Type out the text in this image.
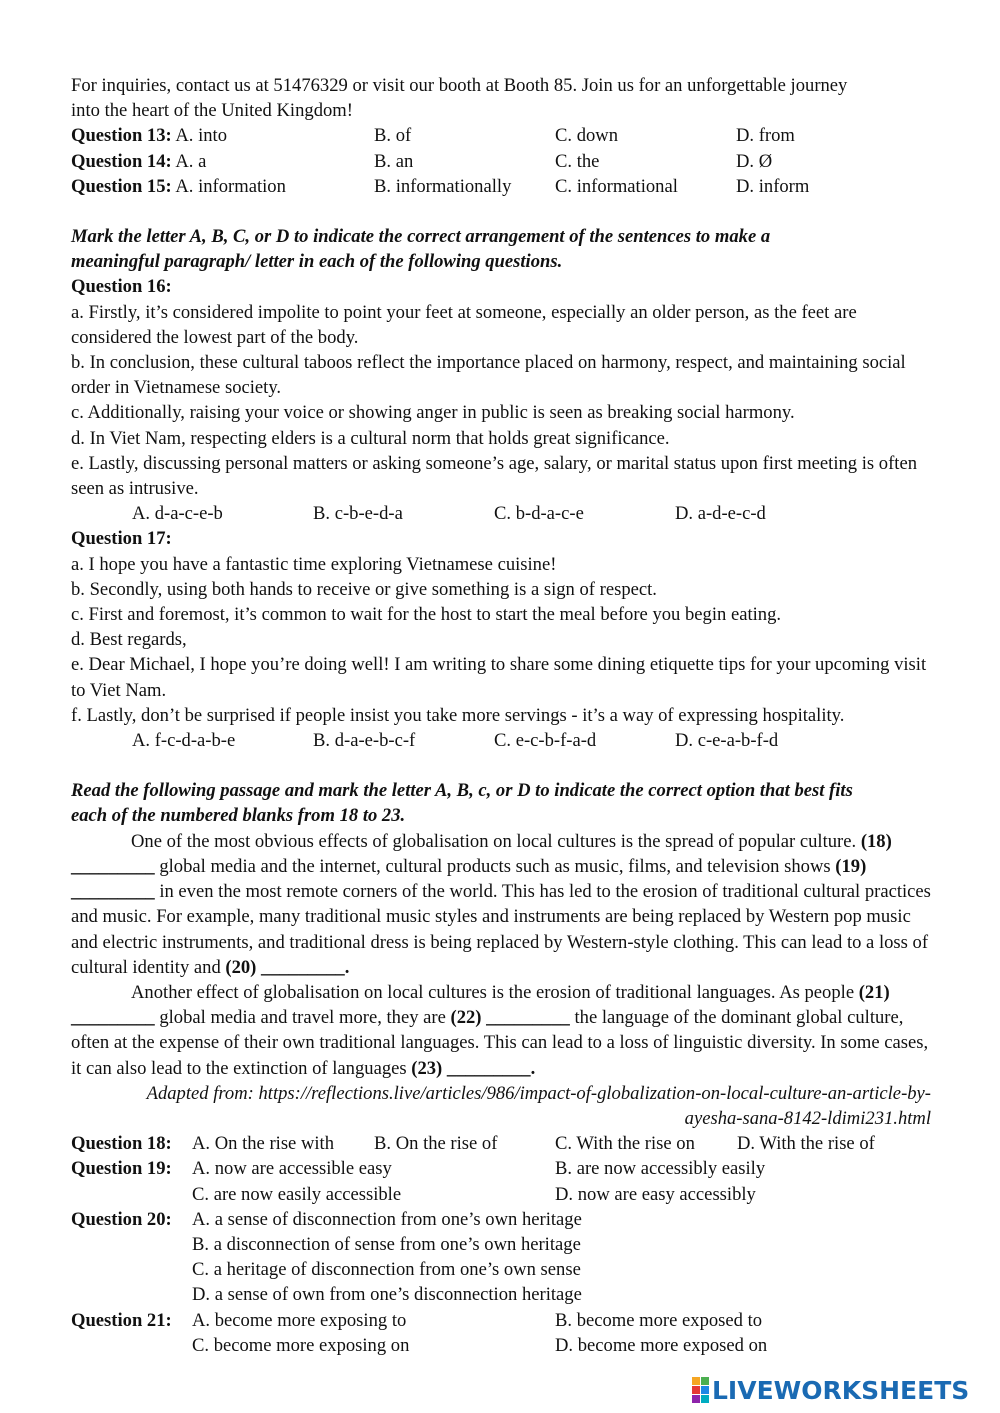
For inquiries, contact us at 51476329 or visit our booth at Booth 85. Join us for an unforgettable journey
into the heart of the United Kingdom!
Question 13: A. into	B. of	C. down	D. from
Question 14: A. a	B. an	C. the	D. Ø
Question 15: A. information	B. informationally	C. informational	D. inform
Mark the letter A, B, C, or D to indicate the correct arrangement of the sentences to make a
meaningful paragraph/ letter in each of the following questions.
Question 16:
a. Firstly, it’s considered impolite to point your feet at someone, especially an older person, as the feet are considered the lowest part of the body.
b. In conclusion, these cultural taboos reflect the importance placed on harmony, respect, and maintaining social order in Vietnamese society.
c. Additionally, raising your voice or showing anger in public is seen as breaking social harmony.
d. In Viet Nam, respecting elders is a cultural norm that holds great significance.
e. Lastly, discussing personal matters or asking someone’s age, salary, or marital status upon first meeting is often seen as intrusive.
A. d-a-c-e-b	B. c-b-e-d-a	C. b-d-a-c-e	D. a-d-e-c-d
Question 17:
a. I hope you have a fantastic time exploring Vietnamese cuisine!
b. Secondly, using both hands to receive or give something is a sign of respect.
c. First and foremost, it’s common to wait for the host to start the meal before you begin eating.
d. Best regards,
e. Dear Michael, I hope you’re doing well! I am writing to share some dining etiquette tips for your upcoming visit to Viet Nam.
f. Lastly, don’t be surprised if people insist you take more servings - it’s a way of expressing hospitality.
A. f-c-d-a-b-e	B. d-a-e-b-c-f	C. e-c-b-f-a-d	D. c-e-a-b-f-d
Read the following passage and mark the letter A, B, c, or D to indicate the correct option that best fits
each of the numbered blanks from 18 to 23.
One of the most obvious effects of globalisation on local cultures is the spread of popular culture. (18) _________ global media and the internet, cultural products such as music, films, and television shows (19) _________ in even the most remote corners of the world. This has led to the erosion of traditional cultural practices and music. For example, many traditional music styles and instruments are being replaced by Western pop music and electric instruments, and traditional dress is being replaced by Western-style clothing. This can lead to a loss of cultural identity and (20) _________.
Another effect of globalisation on local cultures is the erosion of traditional languages. As people (21) _________ global media and travel more, they are (22) _________ the language of the dominant global culture, often at the expense of their own traditional languages. This can lead to a loss of linguistic diversity. In some cases, it can also lead to the extinction of languages (23) _________.
Adapted from: https://reflections.live/articles/986/impact-of-globalization-on-local-culture-an-article-by-
ayesha-sana-8142-ldimi231.html
Question 18:	A. On the rise with	B. On the rise of	C. With the rise on	D. With the rise of
Question 19:	A. now are accessible easy	B. are now accessibly easily
C. are now easily accessible	D. now are easy accessibly
Question 20:	A. a sense of disconnection from one’s own heritage
B. a disconnection of sense from one’s own heritage
C. a heritage of disconnection from one’s own sense
D. a sense of own from one’s disconnection heritage
Question 21:	A. become more exposing to	B. become more exposed to
C. become more exposing on	D. become more exposed on
LIVEWORKSHEETS
